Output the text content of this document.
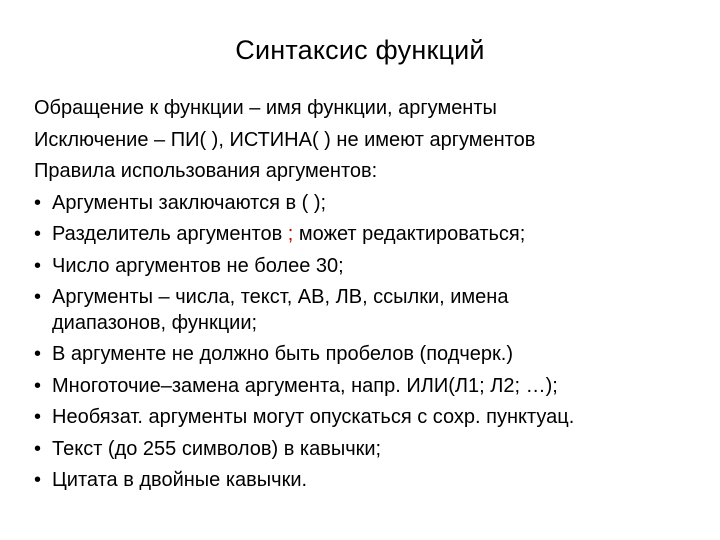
Синтаксис функций

Обращение к функции – имя функции, аргументы

Исключение – ПИ( ), ИСТИНА( ) не имеют аргументов

Правила использования аргументов:

• Аргументы заключаются в ( );
• Разделитель аргументов ; может редактироваться;
• Число аргументов не более 30;
• Аргументы – числа, текст, АВ, ЛВ, ссылки, имена
диапазонов, функции;
• В аргументе не должно быть пробелов (подчерк.)
• Многоточие–замена аргумента, напр. ИЛИ(Л1; Л2; …);
• Необязат. аргументы могут опускаться с сохр. пунктуац.
• Текст (до 255 символов) в кавычки;
• Цитата в двойные кавычки.
